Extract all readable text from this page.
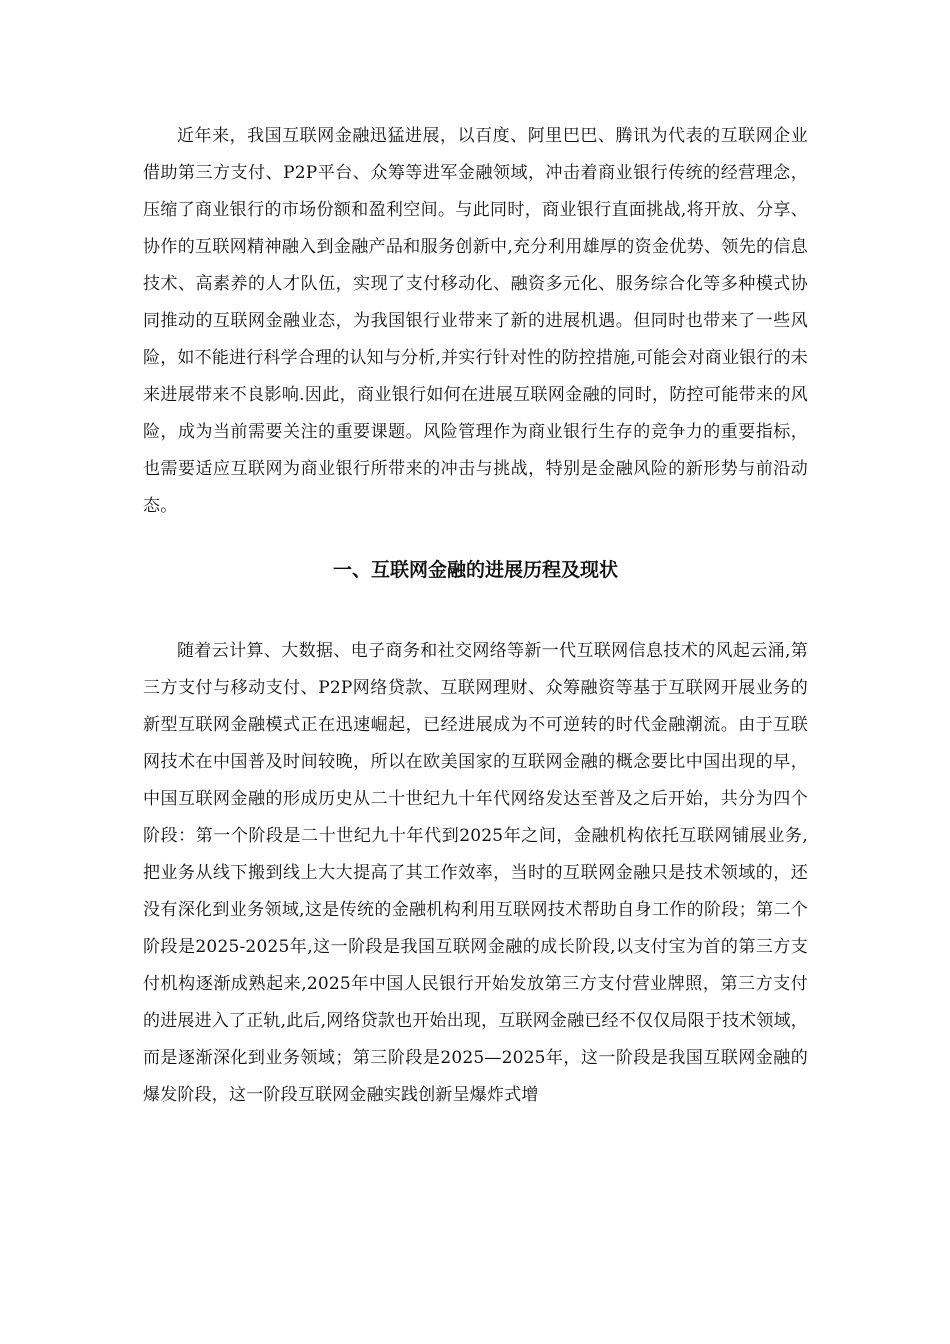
近年来，我国互联网金融迅猛进展，以百度、阿里巴巴、腾讯为代表的互联网企业借助第三方支付、P2P平台、众筹等进军金融领域，冲击着商业银行传统的经营理念，压缩了商业银行的市场份额和盈利空间。与此同时，商业银行直面挑战,将开放、分享、协作的互联网精神融入到金融产品和服务创新中,充分利用雄厚的资金优势、领先的信息技术、高素养的人才队伍，实现了支付移动化、融资多元化、服务综合化等多种模式协同推动的互联网金融业态，为我国银行业带来了新的进展机遇。但同时也带来了一些风险，如不能进行科学合理的认知与分析,并实行针对性的防控措施,可能会对商业银行的未来进展带来不良影响.因此，商业银行如何在进展互联网金融的同时，防控可能带来的风险，成为当前需要关注的重要课题。风险管理作为商业银行生存的竞争力的重要指标，也需要适应互联网为商业银行所带来的冲击与挑战，特别是金融风险的新形势与前沿动态。

一、互联网金融的进展历程及现状

随着云计算、大数据、电子商务和社交网络等新一代互联网信息技术的风起云涌,第三方支付与移动支付、P2P网络贷款、互联网理财、众筹融资等基于互联网开展业务的新型互联网金融模式正在迅速崛起，已经进展成为不可逆转的时代金融潮流。由于互联网技术在中国普及时间较晚，所以在欧美国家的互联网金融的概念要比中国出现的早，中国互联网金融的形成历史从二十世纪九十年代网络发达至普及之后开始，共分为四个阶段：第一个阶段是二十世纪九十年代到2025年之间，金融机构依托互联网铺展业务,把业务从线下搬到线上大大提高了其工作效率，当时的互联网金融只是技术领域的，还没有深化到业务领域,这是传统的金融机构利用互联网技术帮助自身工作的阶段；第二个阶段是2025-2025年,这一阶段是我国互联网金融的成长阶段,以支付宝为首的第三方支付机构逐渐成熟起来,2025年中国人民银行开始发放第三方支付营业牌照，第三方支付的进展进入了正轨,此后,网络贷款也开始出现，互联网金融已经不仅仅局限于技术领域，而是逐渐深化到业务领域；第三阶段是2025—2025年，这一阶段是我国互联网金融的爆发阶段，这一阶段互联网金融实践创新呈爆炸式增
